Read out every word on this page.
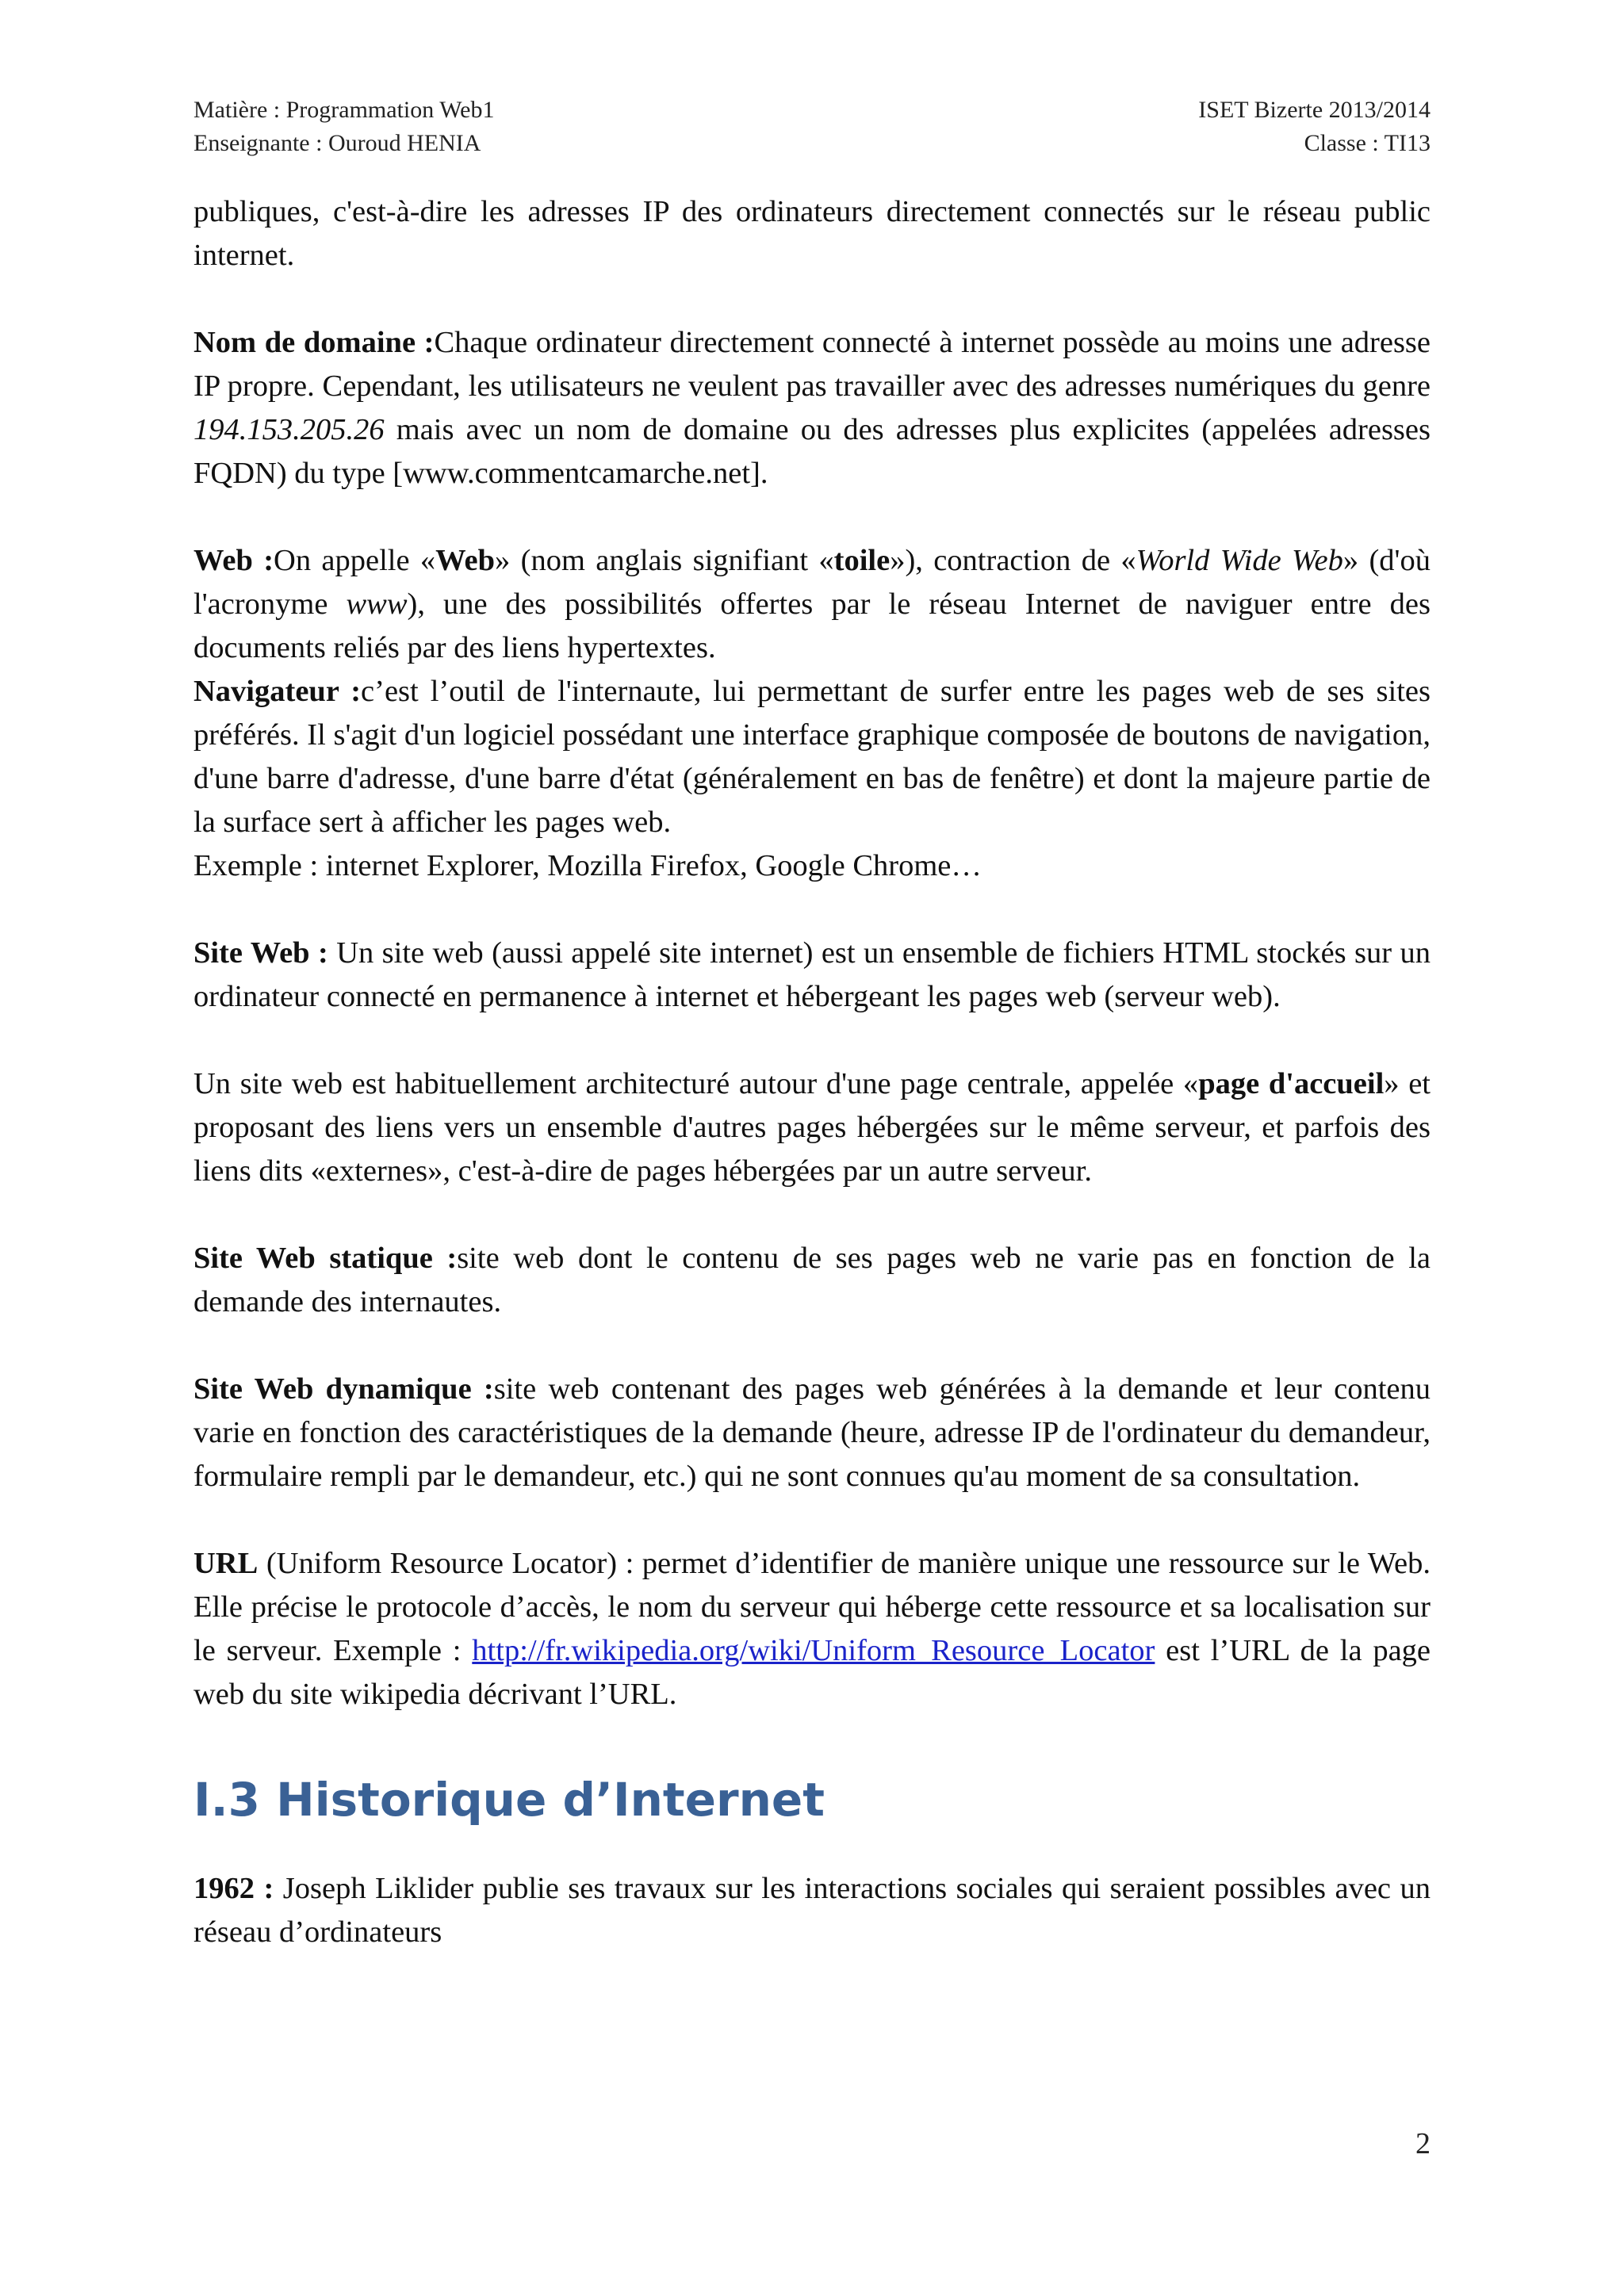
Matière : Programmation Web1	ISET Bizerte 2013/2014
Enseignante : Ouroud HENIA	Classe : TI13

publiques, c'est-à-dire les adresses IP des ordinateurs directement connectés sur le réseau public internet.

Nom de domaine :Chaque ordinateur directement connecté à internet possède au moins une adresse IP propre. Cependant, les utilisateurs ne veulent pas travailler avec des adresses numériques du genre 194.153.205.26 mais avec un nom de domaine ou des adresses plus explicites (appelées adresses FQDN) du type [www.commentcamarche.net].

Web :On appelle «Web» (nom anglais signifiant «toile»), contraction de «World Wide Web» (d'où l'acronyme www), une des possibilités offertes par le réseau Internet de naviguer entre des documents reliés par des liens hypertextes.

Navigateur :c’est l’outil de l'internaute, lui permettant de surfer entre les pages web de ses sites préférés. Il s'agit d'un logiciel possédant une interface graphique composée de boutons de navigation, d'une barre d'adresse, d'une barre d'état (généralement en bas de fenêtre) et dont la majeure partie de la surface sert à afficher les pages web.

Exemple : internet Explorer, Mozilla Firefox, Google Chrome…

Site Web : Un site web (aussi appelé site internet) est un ensemble de fichiers HTML stockés sur un ordinateur connecté en permanence à internet et hébergeant les pages web (serveur web).

Un site web est habituellement architecturé autour d'une page centrale, appelée «page d'accueil» et proposant des liens vers un ensemble d'autres pages hébergées sur le même serveur, et parfois des liens dits «externes», c'est-à-dire de pages hébergées par un autre serveur.

Site Web statique :site web dont le contenu de ses pages web ne varie pas en fonction de la demande des internautes.

Site Web dynamique :site web contenant des pages web générées à la demande et leur contenu varie en fonction des caractéristiques de la demande (heure, adresse IP de l'ordinateur du demandeur, formulaire rempli par le demandeur, etc.) qui ne sont connues qu'au moment de sa consultation.

URL (Uniform Resource Locator) : permet d’identifier de manière unique une ressource sur le Web. Elle précise le protocole d’accès, le nom du serveur qui héberge cette ressource et sa localisation sur le serveur. Exemple : http://fr.wikipedia.org/wiki/Uniform_Resource_Locator est l’URL de la page web du site wikipedia décrivant l’URL.

I.3 Historique d’Internet

1962 : Joseph Liklider publie ses travaux sur les interactions sociales qui seraient possibles avec un réseau d’ordinateurs

2
